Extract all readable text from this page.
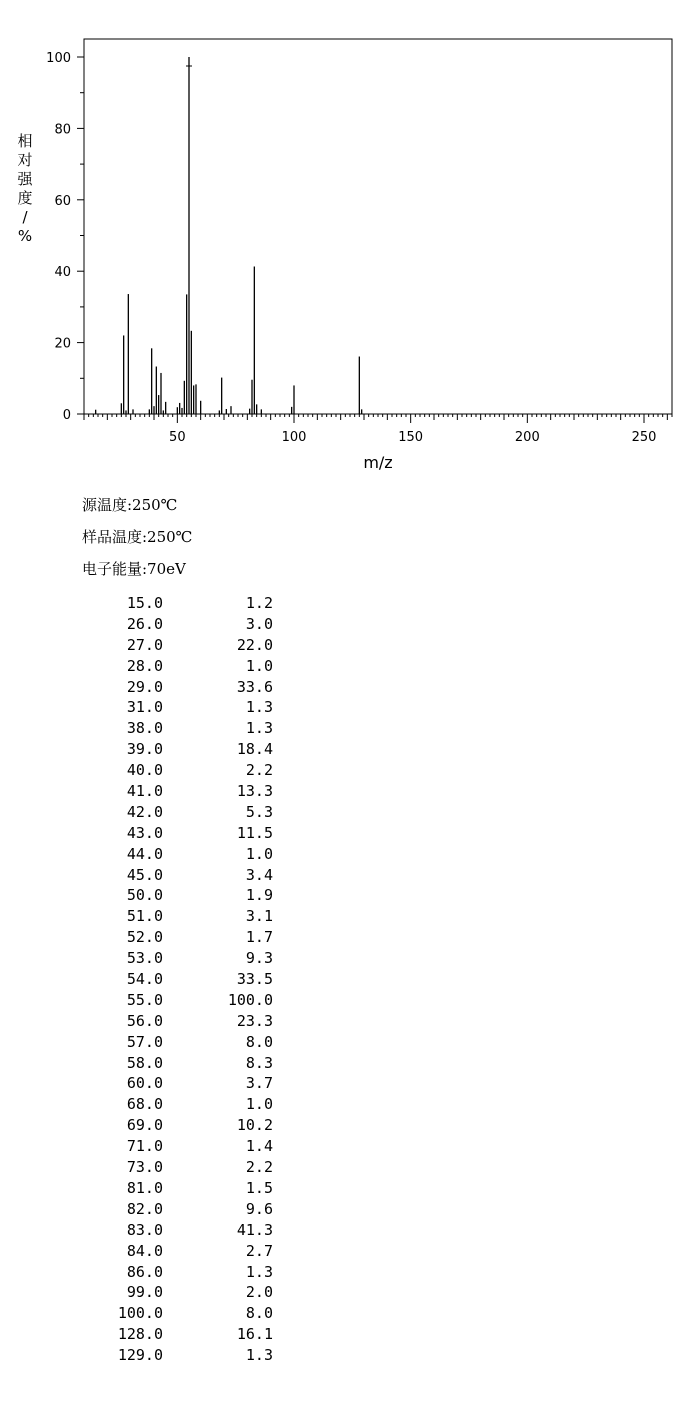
0
20
40
60
80
100
50	100	150	200	250
m/z
相
对
强
度
/
%
源温度:250℃
样品温度:250℃
电子能量:70eV
15.0	1.2
26.0	3.0
27.0	22.0
28.0	1.0
29.0	33.6
31.0	1.3
38.0	1.3
39.0	18.4
40.0	2.2
41.0	13.3
42.0	5.3
43.0	11.5
44.0	1.0
45.0	3.4
50.0	1.9
51.0	3.1
52.0	1.7
53.0	9.3
54.0	33.5
55.0	100.0
56.0	23.3
57.0	8.0
58.0	8.3
60.0	3.7
68.0	1.0
69.0	10.2
71.0	1.4
73.0	2.2
81.0	1.5
82.0	9.6
83.0	41.3
84.0	2.7
86.0	1.3
99.0	2.0
100.0	8.0
128.0	16.1
129.0	1.3
